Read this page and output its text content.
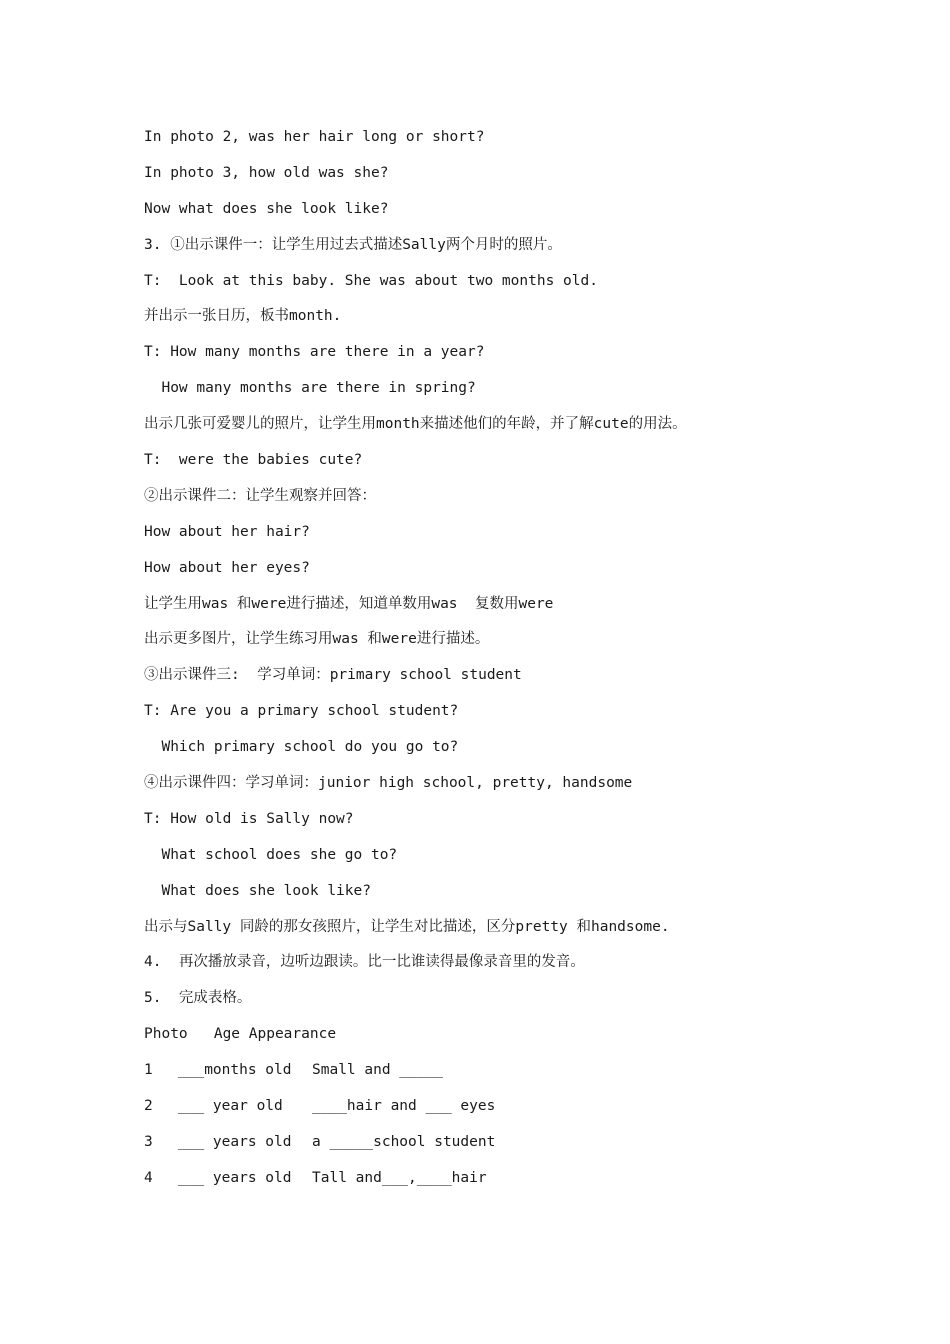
In photo 2, was her hair long or short?
In photo 3, how old was she?
Now what does she look like?
3. ①出示课件一：让学生用过去式描述Sally两个月时的照片。
T:  Look at this baby. She was about two months old.
并出示一张日历，板书month.
T: How many months are there in a year?
How many months are there in spring?
出示几张可爱婴儿的照片，让学生用month来描述他们的年龄，并了解cute的用法。
T:  were the babies cute?
②出示课件二：让学生观察并回答：
How about her hair?
How about her eyes?
让学生用was 和were进行描述，知道单数用was  复数用were
出示更多图片，让学生练习用was 和were进行描述。
③出示课件三:  学习单词：primary school student
T: Are you a primary school student?
Which primary school do you go to?
④出示课件四：学习单词：junior high school, pretty, handsome
T: How old is Sally now?
What school does she go to?
What does she look like?
出示与Sally 同龄的那女孩照片，让学生对比描述，区分pretty 和handsome.
4.  再次播放录音，边听边跟读。比一比谁读得最像录音里的发音。
5.  完成表格。
Photo   Age Appearance
1	___months old	Small and _____
2	___ year old	____hair and ___ eyes
3	___ years old	a _____school student
4	___ years old	Tall and___,____hair
